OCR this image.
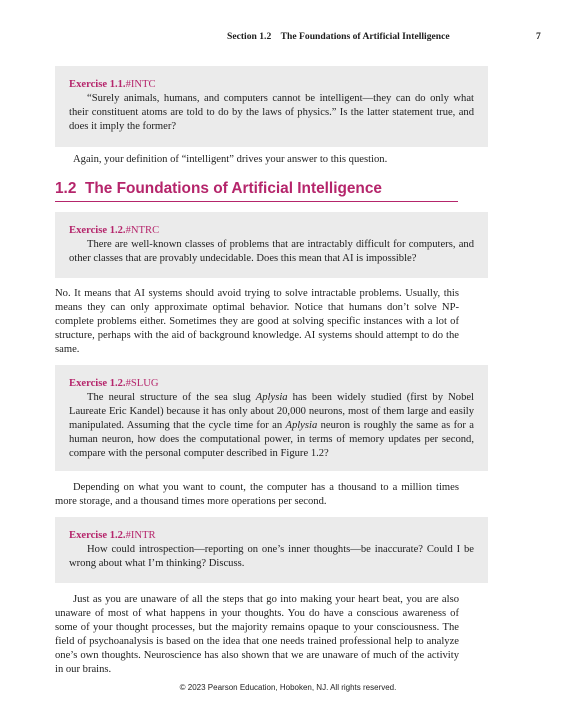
Section 1.2    The Foundations of Artificial Intelligence	7
Exercise 1.1.#INTC

“Surely animals, humans, and computers cannot be intelligent—they can do only what their constituent atoms are told to do by the laws of physics.” Is the latter statement true, and does it imply the former?

Again, your definition of “intelligent” drives your answer to this question.

1.2  The Foundations of Artificial Intelligence
Exercise 1.2.#NTRC

There are well-known classes of problems that are intractably difficult for computers, and other classes that are provably undecidable. Does this mean that AI is impossible?

No. It means that AI systems should avoid trying to solve intractable problems. Usually, this means they can only approximate optimal behavior. Notice that humans don’t solve NP-complete problems either. Sometimes they are good at solving specific instances with a lot of structure, perhaps with the aid of background knowledge. AI systems should attempt to do the same.

Exercise 1.2.#SLUG

The neural structure of the sea slug Aplysia has been widely studied (first by Nobel Laureate Eric Kandel) because it has only about 20,000 neurons, most of them large and easily manipulated. Assuming that the cycle time for an Aplysia neuron is roughly the same as for a human neuron, how does the computational power, in terms of memory updates per second, compare with the personal computer described in Figure 1.2?

Depending on what you want to count, the computer has a thousand to a million times more storage, and a thousand times more operations per second.

Exercise 1.2.#INTR

How could introspection—reporting on one’s inner thoughts—be inaccurate? Could I be wrong about what I’m thinking? Discuss.

Just as you are unaware of all the steps that go into making your heart beat, you are also unaware of most of what happens in your thoughts. You do have a conscious awareness of some of your thought processes, but the majority remains opaque to your consciousness. The field of psychoanalysis is based on the idea that one needs trained professional help to analyze one’s own thoughts. Neuroscience has also shown that we are unaware of much of the activity in our brains.

© 2023 Pearson Education, Hoboken, NJ. All rights reserved.
